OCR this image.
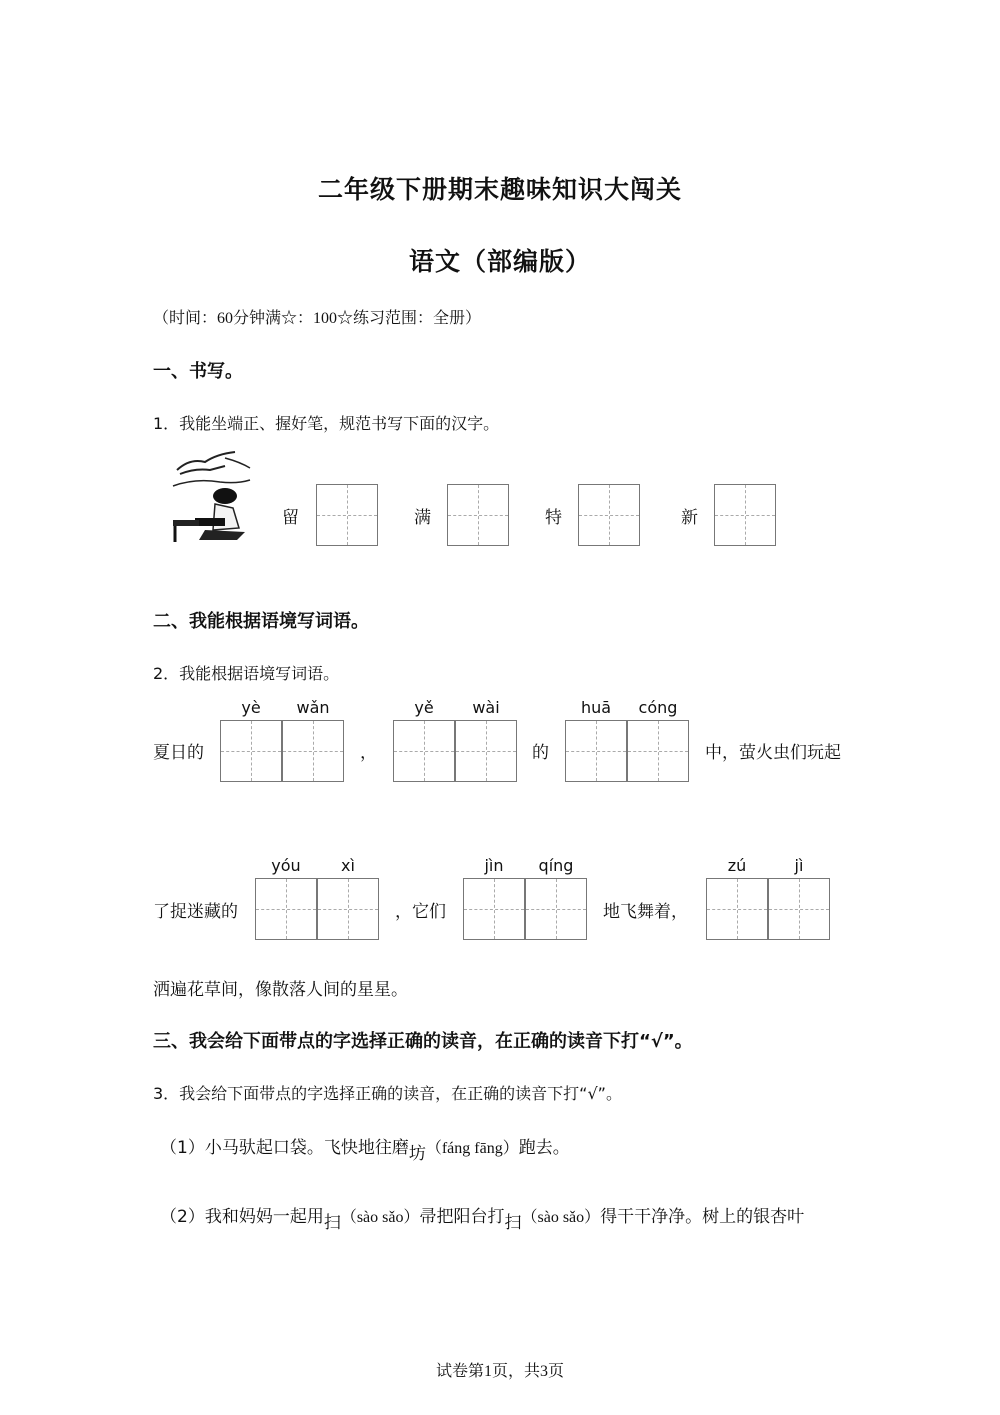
二年级下册期末趣味知识大闯关
语文（部编版）
（时间：60分钟满☆：100☆练习范围：全册）
一、书写。
1．我能坐端正、握好笔，规范书写下面的汉字。
留	满	特	新
二、我能根据语境写词语。
2．我能根据语境写词语。
夏日的
yè	wǎn
，
yě	wài
的
huā	cóng
中，萤火虫们玩起
了捉迷藏的
yóu	xì
，它们
jìn	qíng
地飞舞着，
zú	jì
洒遍花草间，像散落人间的星星。
三、我会给下面带点的字选择正确的读音，在正确的读音下打“√”。
3．我会给下面带点的字选择正确的读音，在正确的读音下打“√”。
（1）小马驮起口袋。飞快地往磨坊（fáng fāng）跑去。
（2）我和妈妈一起用扫（sào sǎo）帚把阳台打扫（sào sǎo）得干干净净。树上的银杏叶
试卷第1页，共3页
